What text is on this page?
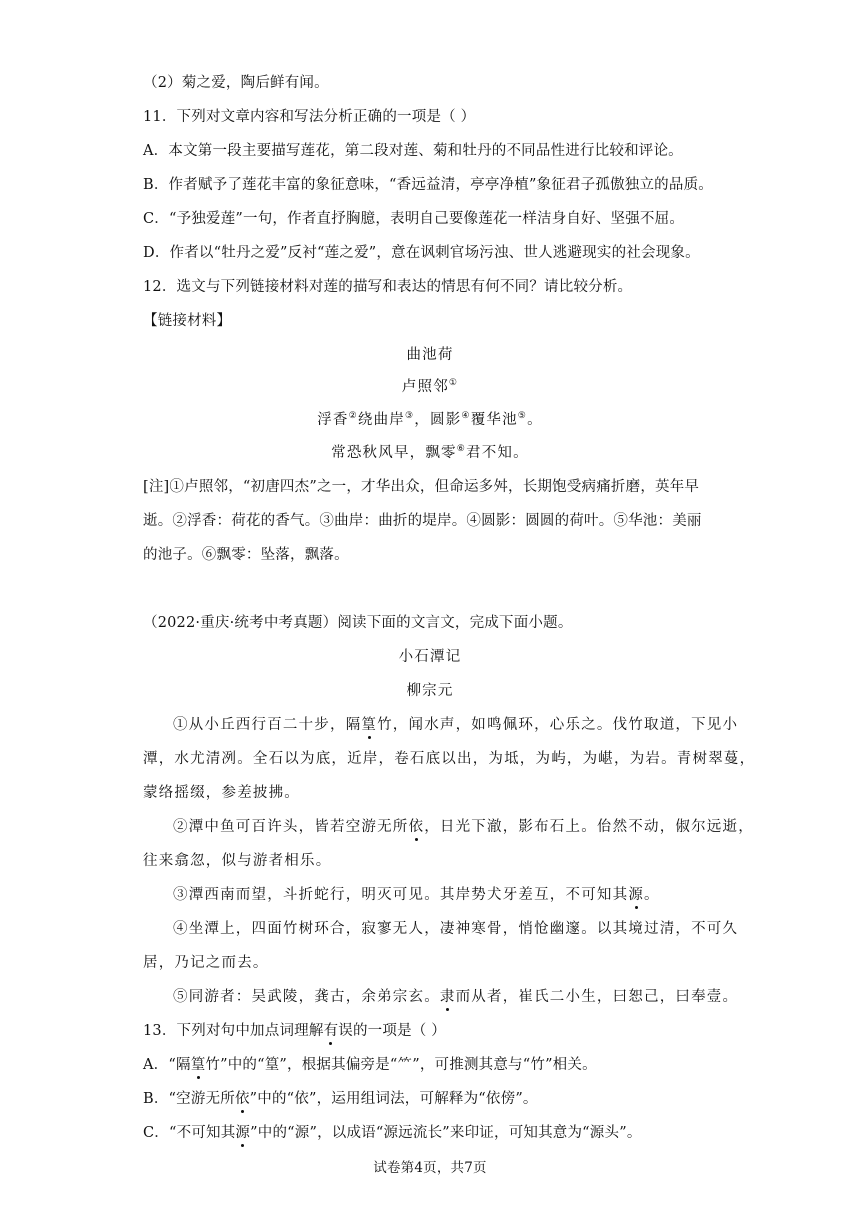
（2）菊之爱，陶后鲜有闻。

11．下列对文章内容和写法分析正确的一项是（ ）

A．本文第一段主要描写莲花，第二段对莲、菊和牡丹的不同品性进行比较和评论。

B．作者赋予了莲花丰富的象征意味，“香远益清，亭亭净植”象征君子孤傲独立的品质。

C．“予独爱莲”一句，作者直抒胸臆，表明自己要像莲花一样洁身自好、坚强不屈。

D．作者以“牡丹之爱”反衬“莲之爱”，意在讽刺官场污浊、世人逃避现实的社会现象。

12．选文与下列链接材料对莲的描写和表达的情思有何不同？请比较分析。

【链接材料】

曲池荷

卢照邻①

浮香②绕曲岸③，圆影④覆华池⑤。

常恐秋风早，飘零⑥君不知。

[注]①卢照邻，“初唐四杰”之一，才华出众，但命运多舛，长期饱受病痛折磨，英年早

逝。②浮香：荷花的香气。③曲岸：曲折的堤岸。④圆影：圆圆的荷叶。⑤华池：美丽

的池子。⑥飘零：坠落，飘落。

（2022·重庆·统考中考真题）阅读下面的文言文，完成下面小题。

小石潭记

柳宗元

①从小丘西行百二十步，隔篁竹，闻水声，如鸣佩环，心乐之。伐竹取道，下见小

潭，水尤清冽。全石以为底，近岸，卷石底以出，为坻，为屿，为嵁，为岩。青树翠蔓，

蒙络摇缀，参差披拂。

②潭中鱼可百许头，皆若空游无所依，日光下澈，影布石上。佁然不动，俶尔远逝，

往来翕忽，似与游者相乐。

③潭西南而望，斗折蛇行，明灭可见。其岸势犬牙差互，不可知其源。

④坐潭上，四面竹树环合，寂寥无人，凄神寒骨，悄怆幽邃。以其境过清，不可久

居，乃记之而去。

⑤同游者：吴武陵，龚古，余弟宗玄。隶而从者，崔氏二小生，曰恕己，曰奉壹。

13．下列对句中加点词理解有误的一项是（ ）

A．“隔篁竹”中的“篁”，根据其偏旁是“⺮”，可推测其意与“竹”相关。

B．“空游无所依”中的“依”，运用组词法，可解释为“依傍”。

C．“不可知其源”中的“源”，以成语“源远流长”来印证，可知其意为“源头”。

试卷第4页，共7页
